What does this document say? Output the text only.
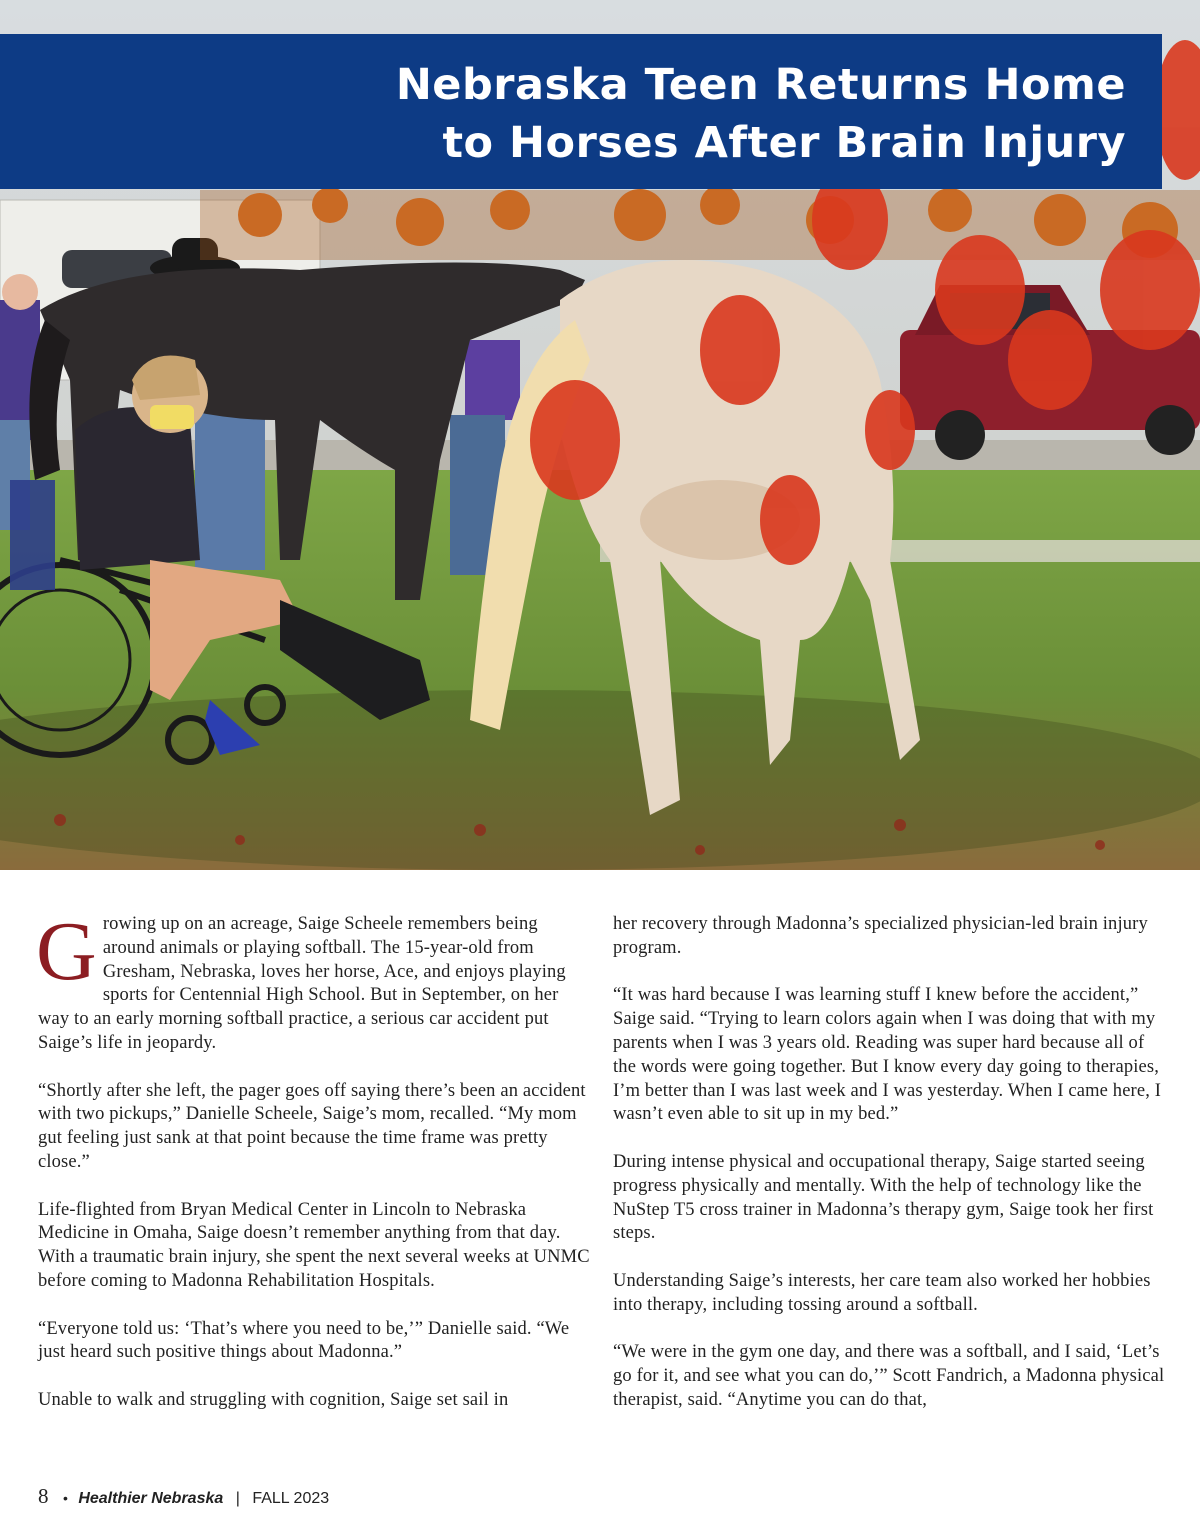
Nebraska Teen Returns Home
to Horses After Brain Injury

Growing up on an acreage, Saige Scheele remembers being around animals or playing softball. The 15-year-old from Gresham, Nebraska, loves her horse, Ace, and enjoys playing sports for Centennial High School. But in September, on her way to an early morning softball practice, a serious car accident put Saige’s life in jeopardy.

“Shortly after she left, the pager goes off saying there’s been an accident with two pickups,” Danielle Scheele, Saige’s mom, recalled. “My mom gut feeling just sank at that point because the time frame was pretty close.”

Life-flighted from Bryan Medical Center in Lincoln to Nebraska Medicine in Omaha, Saige doesn’t remember anything from that day. With a traumatic brain injury, she spent the next several weeks at UNMC before coming to Madonna Rehabilitation Hospitals.

“Everyone told us: ‘That’s where you need to be,’” Danielle said. “We just heard such positive things about Madonna.”

Unable to walk and struggling with cognition, Saige set sail in

her recovery through Madonna’s specialized physician-led brain injury program.

“It was hard because I was learning stuff I knew before the accident,” Saige said. “Trying to learn colors again when I was doing that with my parents when I was 3 years old. Reading was super hard because all of the words were going together. But I know every day going to therapies, I’m better than I was last week and I was yesterday. When I came here, I wasn’t even able to sit up in my bed.”

During intense physical and occupational therapy, Saige started seeing progress physically and mentally. With the help of technology like the NuStep T5 cross trainer in Madonna’s therapy gym, Saige took her first steps.

Understanding Saige’s interests, her care team also worked her hobbies into therapy, including tossing around a softball.

“We were in the gym one day, and there was a softball, and I said, ‘Let’s go for it, and see what you can do,’” Scott Fandrich, a Madonna physical therapist, said. “Anytime you can do that,

8 • Healthier Nebraska | FALL 2023
